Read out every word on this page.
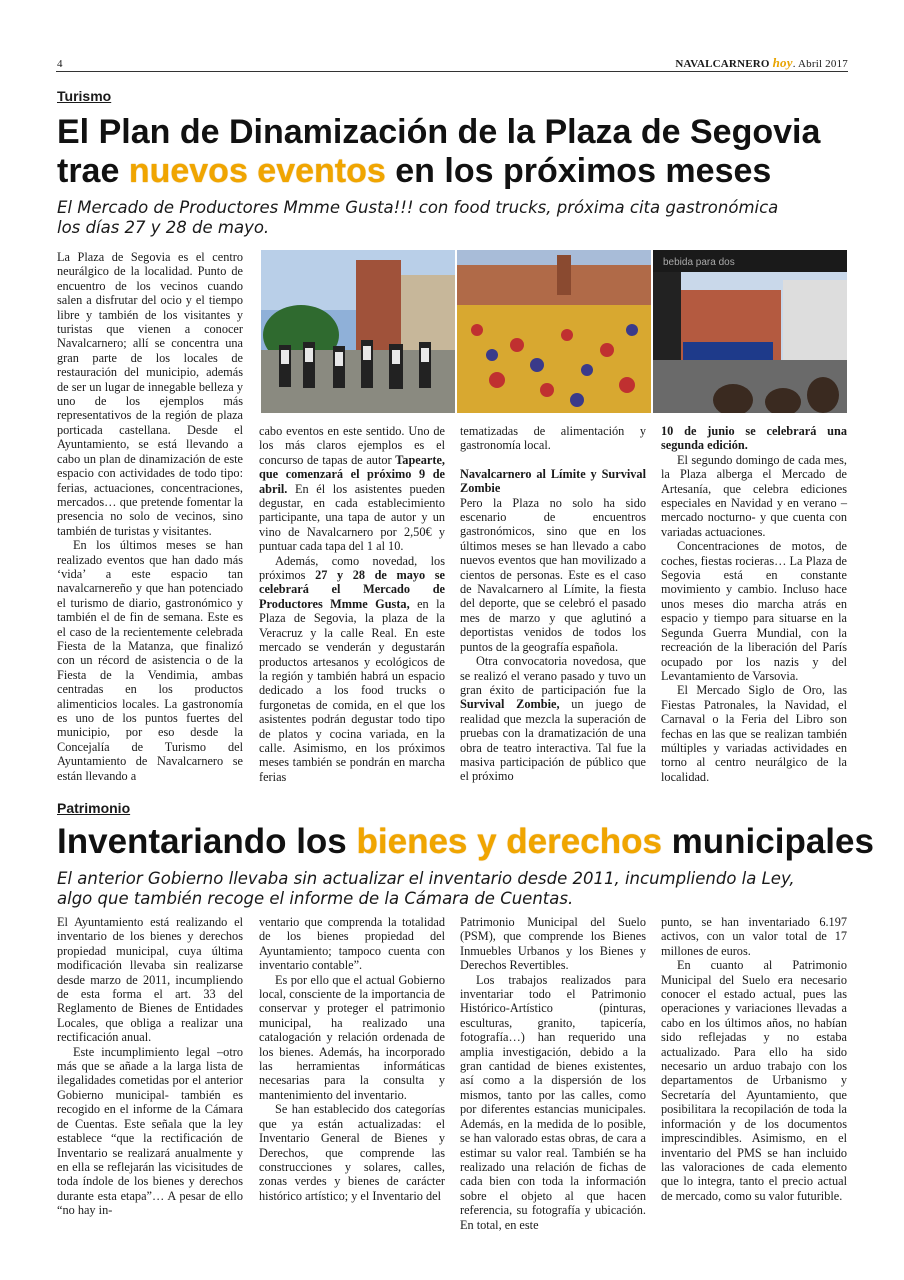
4	NAVALCARNERO hoy. Abril 2017
Turismo
El Plan de Dinamización de la Plaza de Segovia
trae nuevos eventos en los próximos meses
El Mercado de Productores Mmme Gusta!!! con food trucks, próxima cita gastronómica
los días 27 y 28 de mayo.
bebida para dos

La Plaza de Segovia es el centro neurálgico de la localidad. Punto de encuentro de los vecinos cuando salen a disfrutar del ocio y el tiempo libre y también de los visitantes y turistas que vienen a conocer Navalcarnero; allí se concentra una gran parte de los locales de restauración del municipio, además de ser un lugar de innegable belleza y uno de los ejemplos más representativos de la región de plaza porticada castellana. Desde el Ayuntamiento, se está llevando a cabo un plan de dinamización de este espacio con actividades de todo tipo: ferias, actuaciones, concentraciones, mercados… que pretende fomentar la presencia no solo de vecinos, sino también de turistas y visitantes.

En los últimos meses se han realizado eventos que han dado más ‘vida’ a este espacio tan navalcarnereño y que han potenciado el turismo de diario, gastronómico y también el de fin de semana. Este es el caso de la recientemente celebrada Fiesta de la Matanza, que finalizó con un récord de asistencia o de la Fiesta de la Vendimia, ambas centradas en los productos alimenticios locales. La gastronomía es uno de los puntos fuertes del municipio, por eso desde la Concejalía de Turismo del Ayuntamiento de Navalcarnero se están llevando a

cabo eventos en este sentido. Uno de los más claros ejemplos es el concurso de tapas de autor Tapearte, que comenzará el próximo 9 de abril. En él los asistentes pueden degustar, en cada establecimiento participante, una tapa de autor y un vino de Navalcarnero por 2,50€ y puntuar cada tapa del 1 al 10.

Además, como novedad, los próximos 27 y 28 de mayo se celebrará el Mercado de Productores Mmme Gusta, en la Plaza de Segovia, la plaza de la Veracruz y la calle Real. En este mercado se venderán y degustarán productos artesanos y ecológicos de la región y también habrá un espacio dedicado a los food trucks o furgonetas de comida, en el que los asistentes podrán degustar todo tipo de platos y cocina variada, en la calle. Asimismo, en los próximos meses también se pondrán en marcha ferias

tematizadas de alimentación y gastronomía local.

Navalcarnero al Límite y Survival Zombie

Pero la Plaza no solo ha sido escenario de encuentros gastronómicos, sino que en los últimos meses se han llevado a cabo nuevos eventos que han movilizado a cientos de personas. Este es el caso de Navalcarnero al Límite, la fiesta del deporte, que se celebró el pasado mes de marzo y que aglutinó a deportistas venidos de todos los puntos de la geografía española.

Otra convocatoria novedosa, que se realizó el verano pasado y tuvo un gran éxito de participación fue la Survival Zombie, un juego de realidad que mezcla la superación de pruebas con la dramatización de una obra de teatro interactiva. Tal fue la masiva participación de público que el próximo

10 de junio se celebrará una segunda edición.

El segundo domingo de cada mes, la Plaza alberga el Mercado de Artesanía, que celebra ediciones especiales en Navidad y en verano –mercado nocturno- y que cuenta con variadas actuaciones.

Concentraciones de motos, de coches, fiestas rocieras… La Plaza de Segovia está en constante movimiento y cambio. Incluso hace unos meses dio marcha atrás en espacio y tiempo para situarse en la Segunda Guerra Mundial, con la recreación de la liberación del París ocupado por los nazis y del Levantamiento de Varsovia.

El Mercado Siglo de Oro, las Fiestas Patronales, la Navidad, el Carnaval o la Feria del Libro son fechas en las que se realizan también múltiples y variadas actividades en torno al centro neurálgico de la localidad.

Patrimonio
Inventariando los bienes y derechos municipales
El anterior Gobierno llevaba sin actualizar el inventario desde 2011, incumpliendo la Ley,
algo que también recoge el informe de la Cámara de Cuentas.

El Ayuntamiento está realizando el inventario de los bienes y derechos propiedad municipal, cuya última modificación llevaba sin realizarse desde marzo de 2011, incumpliendo de esta forma el art. 33 del Reglamento de Bienes de Entidades Locales, que obliga a realizar una rectificación anual.

Este incumplimiento legal –otro más que se añade a la larga lista de ilegalidades cometidas por el anterior Gobierno municipal- también es recogido en el informe de la Cámara de Cuentas. Este señala que la ley establece “que la rectificación de Inventario se realizará anualmente y en ella se reflejarán las vicisitudes de toda índole de los bienes y derechos durante esta etapa”… A pesar de ello “no hay in-

ventario que comprenda la totalidad de los bienes propiedad del Ayuntamiento; tampoco cuenta con inventario contable”.

Es por ello que el actual Gobierno local, consciente de la importancia de conservar y proteger el patrimonio municipal, ha realizado una catalogación y relación ordenada de los bienes. Además, ha incorporado las herramientas informáticas necesarias para la consulta y mantenimiento del inventario.

Se han establecido dos categorías que ya están actualizadas: el Inventario General de Bienes y Derechos, que comprende las construcciones y solares, calles, zonas verdes y bienes de carácter histórico artístico; y el Inventario del

Patrimonio Municipal del Suelo (PSM), que comprende los Bienes Inmuebles Urbanos y los Bienes y Derechos Revertibles.

Los trabajos realizados para inventariar todo el Patrimonio Histórico-Artístico (pinturas, esculturas, granito, tapicería, fotografía…) han requerido una amplia investigación, debido a la gran cantidad de bienes existentes, así como a la dispersión de los mismos, tanto por las calles, como por diferentes estancias municipales. Además, en la medida de lo posible, se han valorado estas obras, de cara a estimar su valor real. También se ha realizado una relación de fichas de cada bien con toda la información sobre el objeto al que hacen referencia, su fotografía y ubicación. En total, en este

punto, se han inventariado 6.197 activos, con un valor total de 17 millones de euros.

En cuanto al Patrimonio Municipal del Suelo era necesario conocer el estado actual, pues las operaciones y variaciones llevadas a cabo en los últimos años, no habían sido reflejadas y no estaba actualizado. Para ello ha sido necesario un arduo trabajo con los departamentos de Urbanismo y Secretaría del Ayuntamiento, que posibilitara la recopilación de toda la información y de los documentos imprescindibles. Asimismo, en el inventario del PMS se han incluido las valoraciones de cada elemento que lo integra, tanto el precio actual de mercado, como su valor futurible.
